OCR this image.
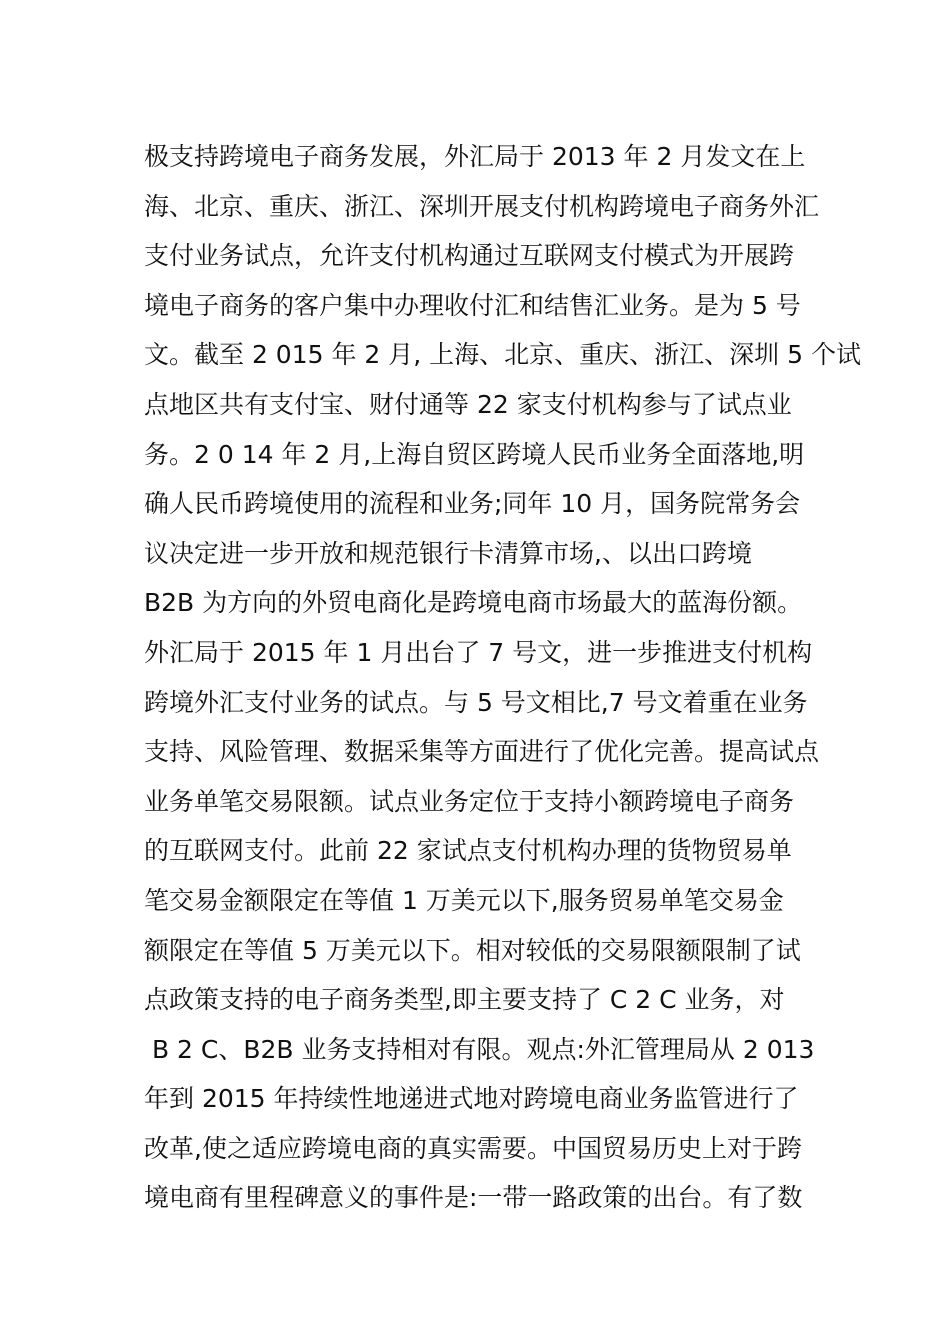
极支持跨境电子商务发展，外汇局于 2013 年 2 月发文在上
海、北京、重庆、浙江、深圳开展支付机构跨境电子商务外汇
支付业务试点，允许支付机构通过互联网支付模式为开展跨
境电子商务的客户集中办理收付汇和结售汇业务。是为 5 号
文。截至 2 015 年 2 月, 上海、北京、重庆、浙江、深圳 5 个试
点地区共有支付宝、财付通等 22 家支付机构参与了试点业
务。2 0 14 年 2 月,上海自贸区跨境人民币业务全面落地,明
确人民币跨境使用的流程和业务;同年 10 月，国务院常务会
议决定进一步开放和规范银行卡清算市场,、以出口跨境
B2B 为方向的外贸电商化是跨境电商市场最大的蓝海份额。
外汇局于 2015 年 1 月出台了 7 号文，进一步推进支付机构
跨境外汇支付业务的试点。与 5 号文相比,7 号文着重在业务
支持、风险管理、数据采集等方面进行了优化完善。提高试点
业务单笔交易限额。试点业务定位于支持小额跨境电子商务
的互联网支付。此前 22 家试点支付机构办理的货物贸易单
笔交易金额限定在等值 1 万美元以下,服务贸易单笔交易金
额限定在等值 5 万美元以下。相对较低的交易限额限制了试
点政策支持的电子商务类型,即主要支持了 C 2 C 业务，对
B 2 C、B2B 业务支持相对有限。观点:外汇管理局从 2 013
年到 2015 年持续性地递进式地对跨境电商业务监管进行了
改革,使之适应跨境电商的真实需要。中国贸易历史上对于跨
境电商有里程碑意义的事件是:一带一路政策的出台。有了数
